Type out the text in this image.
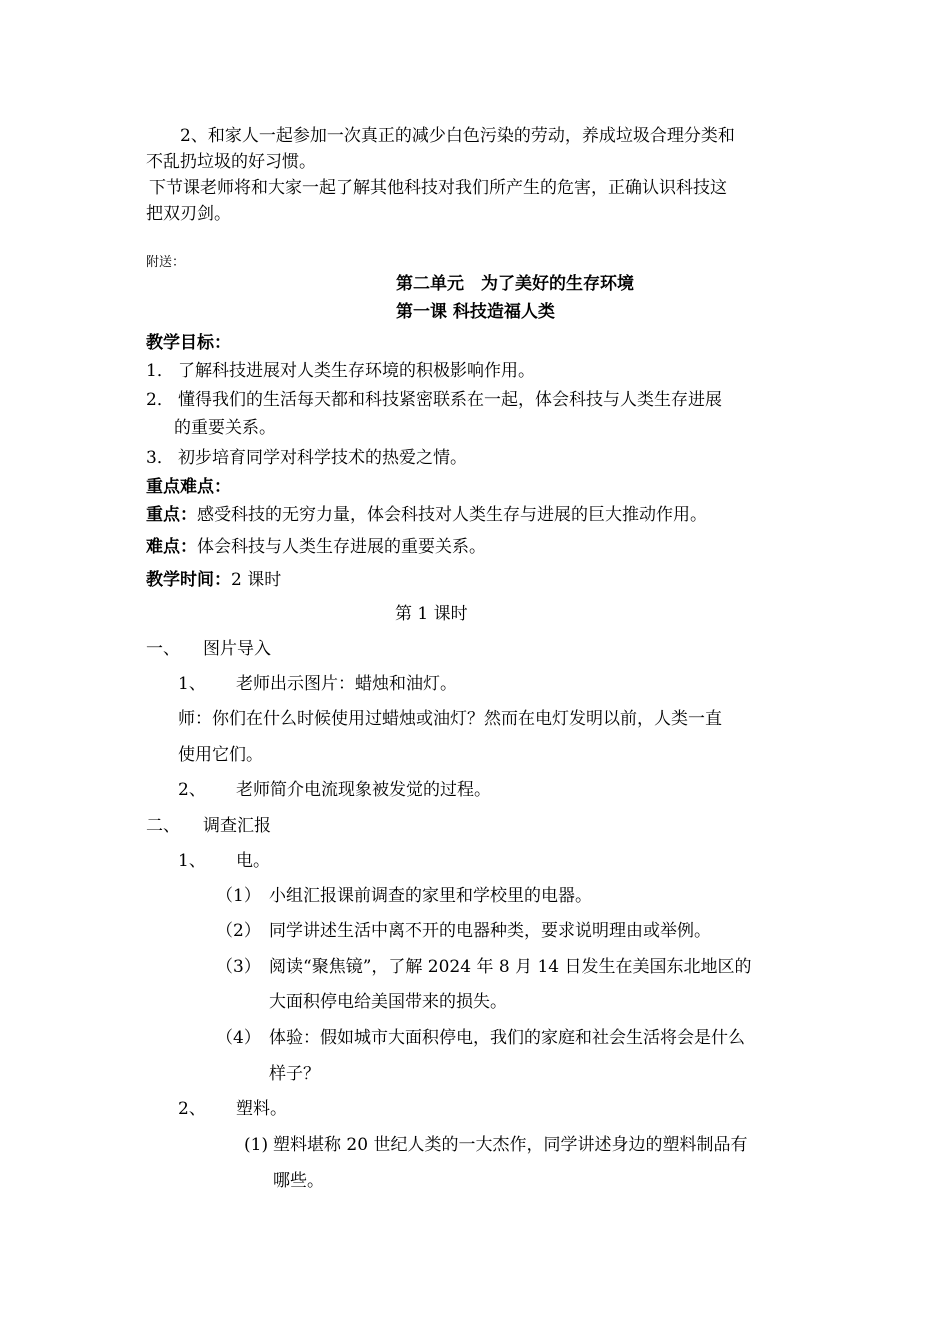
2、和家人一起参加一次真正的减少白色污染的劳动，养成垃圾合理分类和
不乱扔垃圾的好习惯。
下节课老师将和大家一起了解其他科技对我们所产生的危害，正确认识科技这
把双刃剑。
附送：
第二单元　为了美好的生存环境
第一课 科技造福人类
教学目标：
1． 了解科技进展对人类生存环境的积极影响作用。
2． 懂得我们的生活每天都和科技紧密联系在一起，体会科技与人类生存进展
的重要关系。
3． 初步培育同学对科学技术的热爱之情。
重点难点：
重点：感受科技的无穷力量，体会科技对人类生存与进展的巨大推动作用。
难点：体会科技与人类生存进展的重要关系。
教学时间：2 课时
第 1 课时
一、 图片导入
1、 老师出示图片：蜡烛和油灯。
师：你们在什么时候使用过蜡烛或油灯？然而在电灯发明以前，人类一直
使用它们。
2、 老师简介电流现象被发觉的过程。
二、 调查汇报
1、 电。
（1） 小组汇报课前调查的家里和学校里的电器。
（2） 同学讲述生活中离不开的电器种类，要求说明理由或举例。
（3） 阅读“聚焦镜”，了解 2024 年 8 月 14 日发生在美国东北地区的
大面积停电给美国带来的损失。
（4） 体验：假如城市大面积停电，我们的家庭和社会生活将会是什么
样子？
2、 塑料。
(1) 塑料堪称 20 世纪人类的一大杰作，同学讲述身边的塑料制品有
哪些。
